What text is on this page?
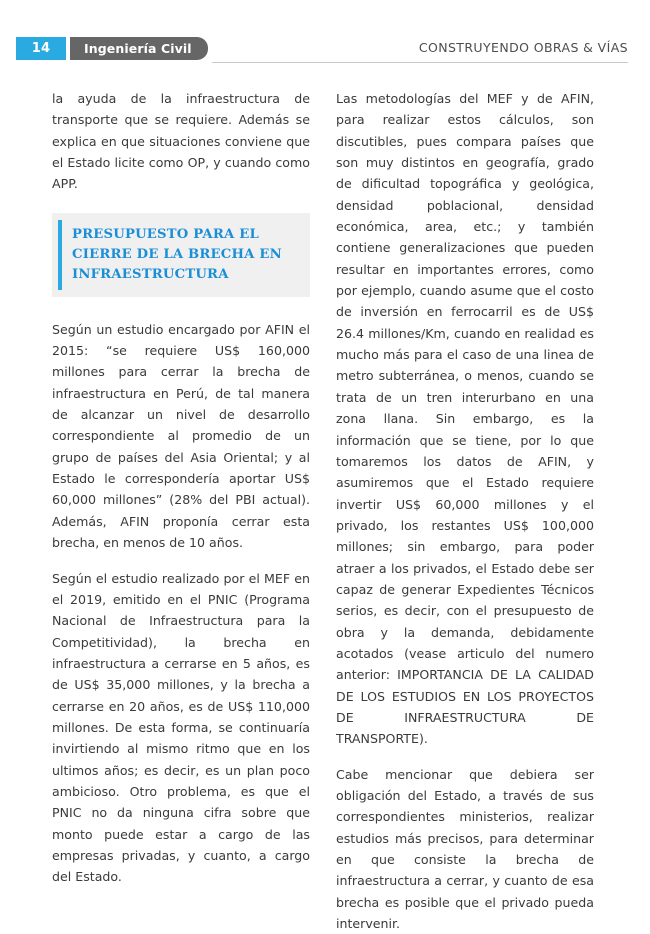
14	Ingeniería Civil	CONSTRUYENDO OBRAS & VÍAS

la ayuda de la infraestructura de transporte que se requiere. Además se explica en que situaciones conviene que el Estado licite como OP, y cuando como APP.

PRESUPUESTO PARA EL CIERRE DE LA BRECHA EN INFRAESTRUCTURA

Según un estudio encargado por AFIN el 2015: “se requiere US$ 160,000 millones para cerrar la brecha de infraestructura en Perú, de tal manera de alcanzar un nivel de desarrollo correspondiente al promedio de un grupo de países del Asia Oriental; y al Estado le correspondería aportar US$ 60,000 millones” (28% del PBI actual). Además, AFIN proponía cerrar esta brecha, en menos de 10 años.

Según el estudio realizado por el MEF en el 2019, emitido en el PNIC (Programa Nacional de Infraestructura para la Competitividad), la brecha en infraestructura a cerrarse en 5 años, es de US$ 35,000 millones, y la brecha a cerrarse en 20 años, es de US$ 110,000 millones. De esta forma, se continuaría invirtiendo al mismo ritmo que en los ultimos años; es decir, es un plan poco ambicioso. Otro problema, es que el PNIC no da ninguna cifra sobre que monto puede estar a cargo de las empresas privadas, y cuanto, a cargo del Estado.

Las metodologías del MEF y de AFIN, para realizar estos cálculos, son discutibles, pues compara países que son muy distintos en geografía, grado de dificultad topográfica y geológica, densidad poblacional, densidad económica, area, etc.; y también contiene generalizaciones que pueden resultar en importantes errores, como por ejemplo, cuando asume que el costo de inversión en ferrocarril es de US$ 26.4 millones/Km, cuando en realidad es mucho más para el caso de una linea de metro subterránea, o menos, cuando se trata de un tren interurbano en una zona llana. Sin embargo, es la información que se tiene, por lo que tomaremos los datos de AFIN, y asumiremos que el Estado requiere invertir US$ 60,000 millones y el privado, los restantes US$ 100,000 millones; sin embargo, para poder atraer a los privados, el Estado debe ser capaz de generar Expedientes Técnicos serios, es decir, con el presupuesto de obra y la demanda, debidamente acotados (vease articulo del numero anterior: IMPORTANCIA DE LA CALIDAD DE LOS ESTUDIOS EN LOS PROYECTOS DE INFRAESTRUCTURA DE TRANSPORTE).

Cabe mencionar que debiera ser obligación del Estado, a través de sus correspondientes ministerios, realizar estudios más precisos, para determinar en que consiste la brecha de infraestructura a cerrar, y cuanto de esa brecha es posible que el privado pueda intervenir.
